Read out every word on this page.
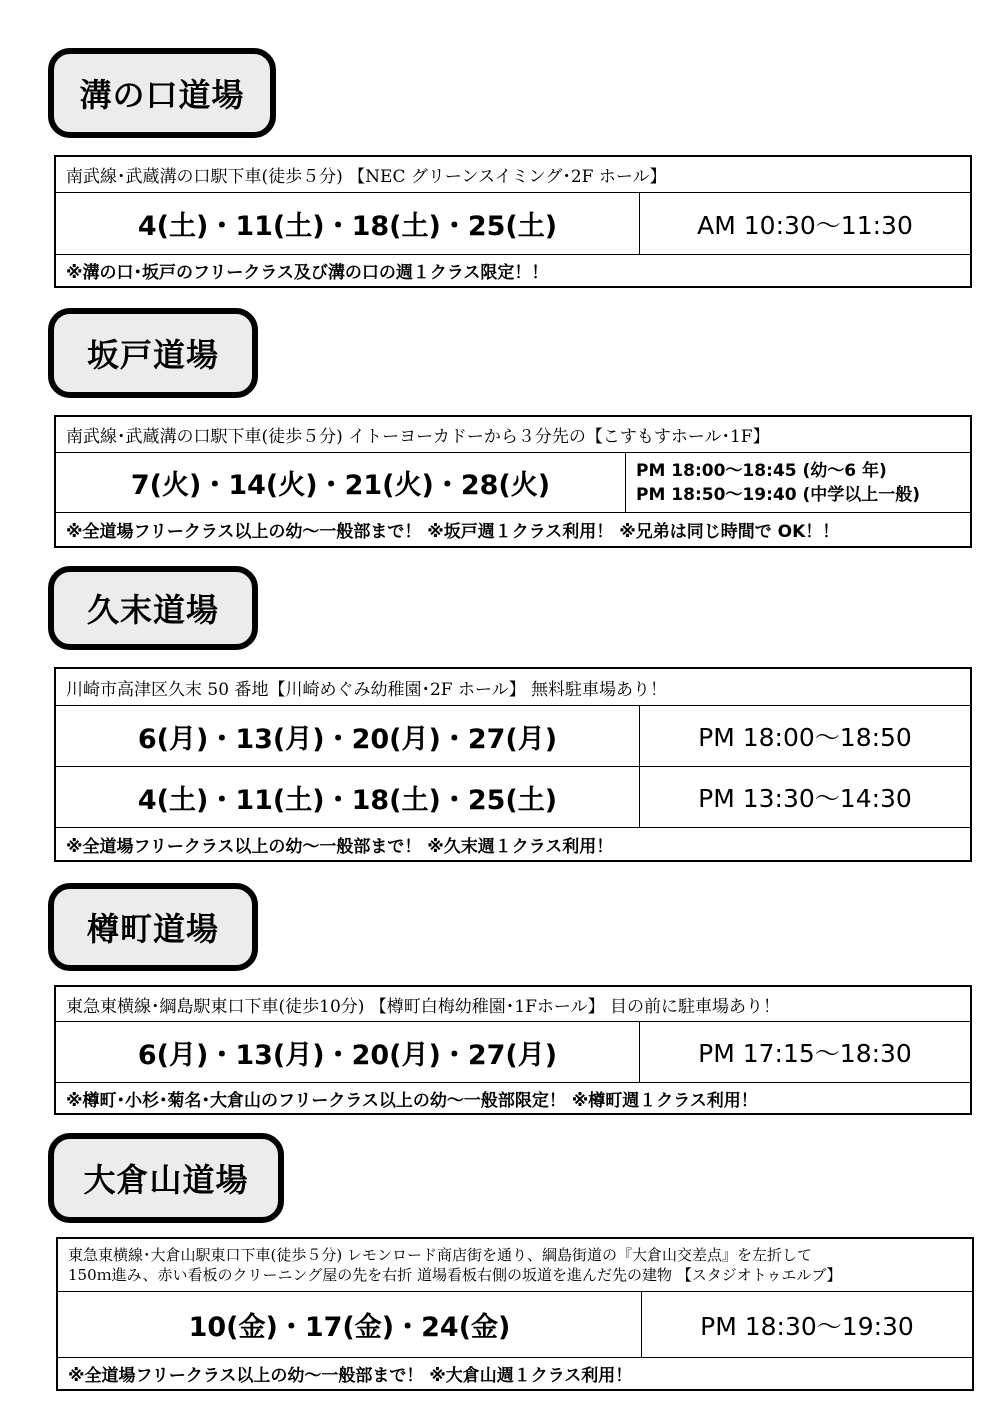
溝の口道場
南武線･武蔵溝の口駅下車(徒歩５分) 【NEC グリーンスイミング･2F ホール】
4(土)・11(土)・18(土)・25(土)	AM 10:30〜11:30
※溝の口･坂戸のフリークラス及び溝の口の週１クラス限定！！
坂戸道場
南武線･武蔵溝の口駅下車(徒歩５分) イトーヨーカドーから３分先の【こすもすホール･1F】
7(火)・14(火)・21(火)・28(火)	PM 18:00〜18:45 (幼〜6 年)
PM 18:50〜19:40 (中学以上一般)
※全道場フリークラス以上の幼〜一般部まで！ ※坂戸週１クラス利用！ ※兄弟は同じ時間で OK！！
久末道場
川崎市高津区久末 50 番地【川崎めぐみ幼稚園･2F ホール】 無料駐車場あり！
6(月)・13(月)・20(月)・27(月)	PM 18:00〜18:50
4(土)・11(土)・18(土)・25(土)	PM 13:30〜14:30
※全道場フリークラス以上の幼〜一般部まで！ ※久末週１クラス利用！
樽町道場
東急東横線･綱島駅東口下車(徒歩10分) 【樽町白梅幼稚園･1Fホール】 目の前に駐車場あり！
6(月)・13(月)・20(月)・27(月)	PM 17:15〜18:30
※樽町･小杉･菊名･大倉山のフリークラス以上の幼〜一般部限定！ ※樽町週１クラス利用！
大倉山道場
東急東横線･大倉山駅東口下車(徒歩５分) レモンロード商店街を通り、綱島街道の『大倉山交差点』を左折して
150ｍ進み、赤い看板のクリーニング屋の先を右折 道場看板右側の坂道を進んだ先の建物 【スタジオトゥエルブ】
10(金)・17(金)・24(金)	PM 18:30〜19:30
※全道場フリークラス以上の幼〜一般部まで！ ※大倉山週１クラス利用！
